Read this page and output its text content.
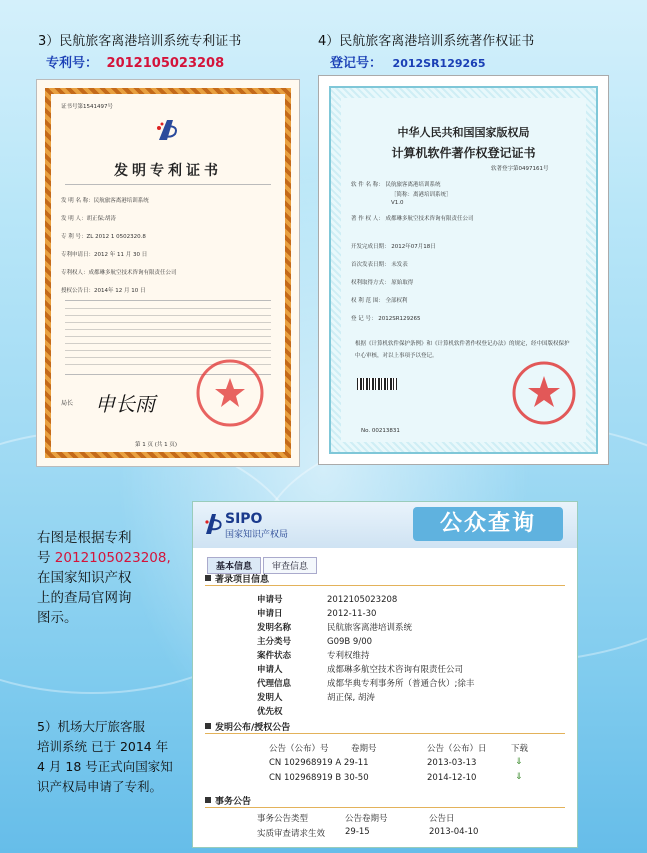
3）民航旅客离港培训系统专利证书	4）民航旅客离港培训系统著作权证书
专利号： 2012105023208	登记号： 2012SR129265
证书号第1541497号
发明专利证书
发 明 名 称：民航旅客离港培训系统
发 明 人：胡正保;胡涛
专 利 号：ZL 2012 1 0502320.8
专利申请日：2012 年 11 月 30 日
专利权人：成都琳多航空技术咨询有限责任公司
授权公告日：2014年 12 月 10 日
局长 申长雨
第 1 页 (共 1 页)
中华人民共和国国家版权局
计算机软件著作权登记证书
软著登字第0497161号
软 件 名 称： 民航旅客离港培训系统
［简称：离港培训系统］
V1.0
著 作 权 人： 成都琳多航空技术咨询有限责任公司
开发完成日期： 2012年07月18日
首次发表日期： 未发表
权利取得方式： 原始取得
权 利 范 围： 全部权利
登 记 号： 2012SR129265
根据《计算机软件保护条例》和《计算机软件著作权登记办法》的规定，经中国版权保护中心审核，对以上事项予以登记。
No. 00213831
右图是根据专利
号 2012105023208,
在国家知识产权
上的查局官网询
图示。
5）机场大厅旅客服
培训系统 已于 2014 年
4 月 18 号正式向国家知
识产权局申请了专利。
SIPO
国家知识产权局	公众查询
基本信息 审查信息
著录项目信息
申请号	2012105023208
申请日	2012-11-30
发明名称	民航旅客离港培训系统
主分类号	G09B 9/00
案件状态	专利权维持
申请人	成都琳多航空技术咨询有限责任公司
代理信息	成都华典专利事务所（普通合伙）;徐丰
发明人	胡正保, 胡涛
优先权
发明公布/授权公告
公告（公布）号	卷期号	公告（公布）日	下载
CN 102968919 A 29-11	2013-03-13	⇓
CN 102968919 B 30-50	2014-12-10	⇓
事务公告
事务公告类型	公告卷期号	公告日
实质审查请求生效 29-15	2013-04-10
